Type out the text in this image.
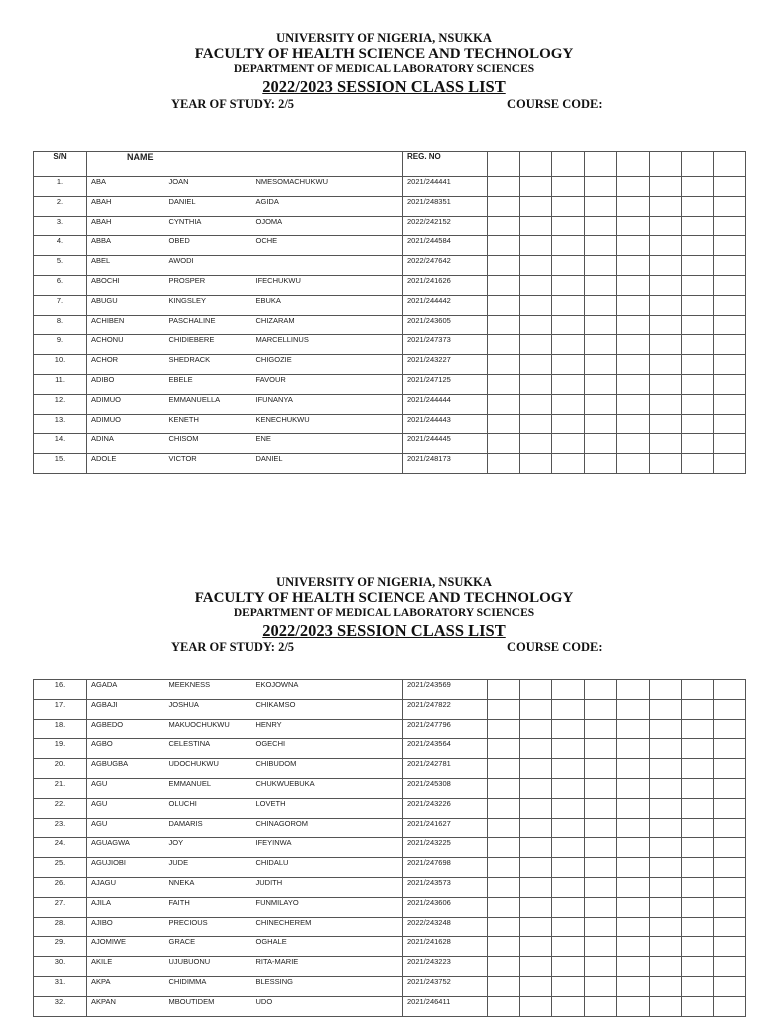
UNIVERSITY OF NIGERIA, NSUKKA
FACULTY OF HEALTH SCIENCE AND TECHNOLOGY
DEPARTMENT OF MEDICAL LABORATORY SCIENCES
2022/2023 SESSION CLASS LIST
YEAR OF STUDY: 2/5	COURSE CODE:
S/N	NAME			REG. NO								
1.	ABA	JOAN	NMESOMACHUKWU	2021/244441								
2.	ABAH	DANIEL	AGIDA	2021/248351								
3.	ABAH	CYNTHIA	OJOMA	2022/242152								
4.	ABBA	OBED	OCHE	2021/244584								
5.	ABEL	AWODI		2022/247642								
6.	ABOCHI	PROSPER	IFECHUKWU	2021/241626								
7.	ABUGU	KINGSLEY	EBUKA	2021/244442								
8.	ACHIBEN	PASCHALINE	CHIZARAM	2021/243605								
9.	ACHONU	CHIDIEBERE	MARCELLINUS	2021/247373								
10.	ACHOR	SHEDRACK	CHIGOZIE	2021/243227								
11.	ADIBO	EBELE	FAVOUR	2021/247125								
12.	ADIMUO	EMMANUELLA	IFUNANYA	2021/244444								
13.	ADIMUO	KENETH	KENECHUKWU	2021/244443								
14.	ADINA	CHISOM	ENE	2021/244445								
15.	ADOLE	VICTOR	DANIEL	2021/248173								
UNIVERSITY OF NIGERIA, NSUKKA
FACULTY OF HEALTH SCIENCE AND TECHNOLOGY
DEPARTMENT OF MEDICAL LABORATORY SCIENCES
2022/2023 SESSION CLASS LIST
YEAR OF STUDY: 2/5	COURSE CODE:
16.	AGADA	MEEKNESS	EKOJOWNA	2021/243569								
17.	AGBAJI	JOSHUA	CHIKAMSO	2021/247822								
18.	AGBEDO	MAKUOCHUKWU	HENRY	2021/247796								
19.	AGBO	CELESTINA	OGECHI	2021/243564								
20.	AGBUGBA	UDOCHUKWU	CHIBUDOM	2021/242781								
21.	AGU	EMMANUEL	CHUKWUEBUKA	2021/245308								
22.	AGU	OLUCHI	LOVETH	2021/243226								
23.	AGU	DAMARIS	CHINAGOROM	2021/241627								
24.	AGUAGWA	JOY	IFEYINWA	2021/243225								
25.	AGUJIOBI	JUDE	CHIDALU	2021/247698								
26.	AJAGU	NNEKA	JUDITH	2021/243573								
27.	AJILA	FAITH	FUNMILAYO	2021/243606								
28.	AJIBO	PRECIOUS	CHINECHEREM	2022/243248								
29.	AJOMIWE	GRACE	OGHALE	2021/241628								
30.	AKILE	UJUBUONU	RITA-MARIE	2021/243223								
31.	AKPA	CHIDIMMA	BLESSING	2021/243752								
32.	AKPAN	MBOUTIDEM	UDO	2021/246411								
